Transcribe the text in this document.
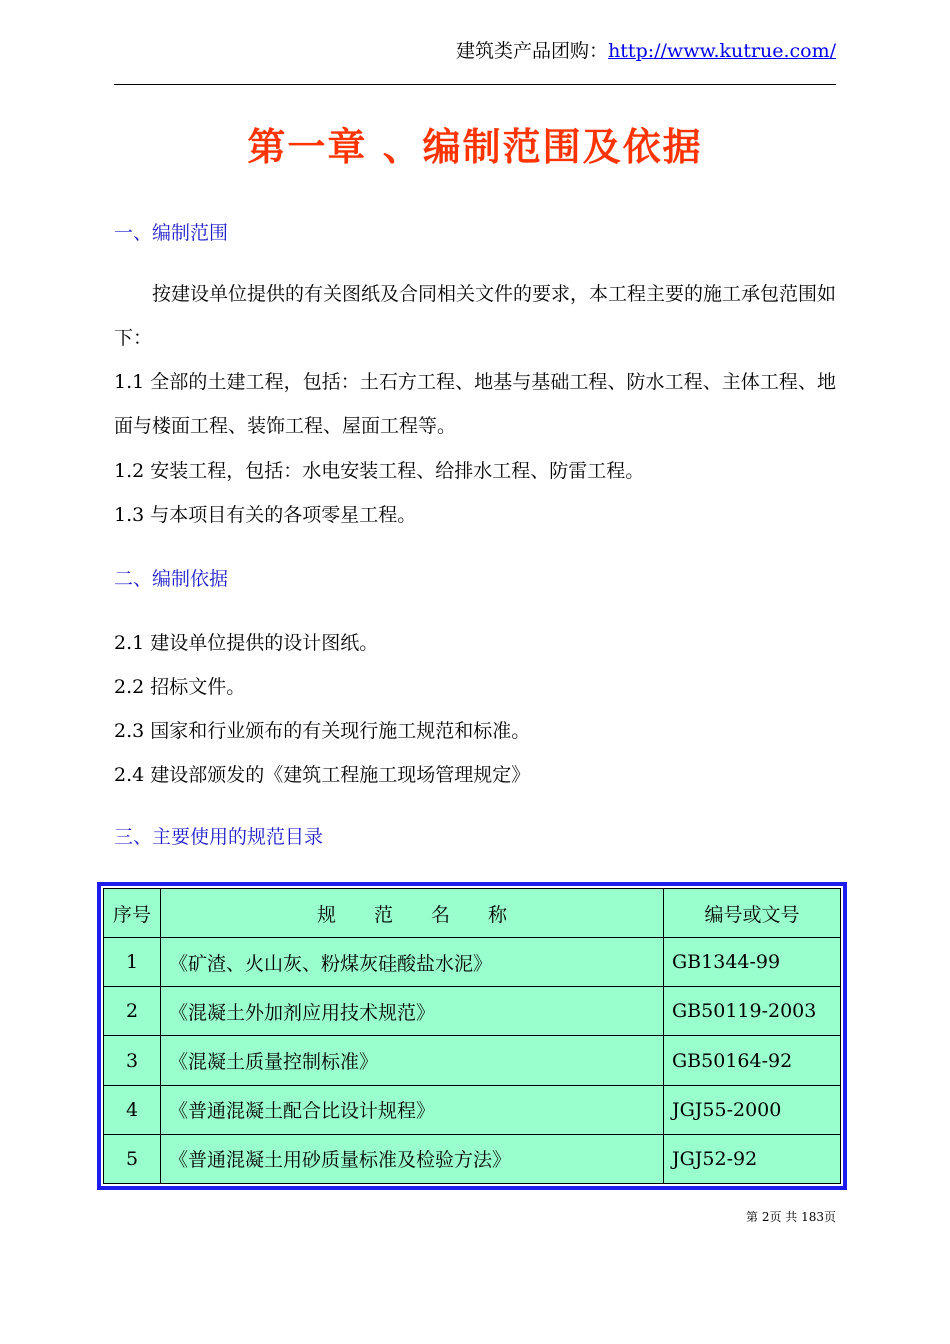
建筑类产品团购：http://www.kutrue.com/
第一章 、编制范围及依据
一、编制范围
按建设单位提供的有关图纸及合同相关文件的要求，本工程主要的施工承包范围如下：
1.1 全部的土建工程，包括：土石方工程、地基与基础工程、防水工程、主体工程、地面与楼面工程、装饰工程、屋面工程等。
1.2 安装工程，包括：水电安装工程、给排水工程、防雷工程。
1.3 与本项目有关的各项零星工程。
二、编制依据
2.1 建设单位提供的设计图纸。
2.2 招标文件。
2.3 国家和行业颁布的有关现行施工规范和标准。
2.4 建设部颁发的《建筑工程施工现场管理规定》
三、主要使用的规范目录
序号	规　　范　　名　　称	编号或文号
1	《矿渣、火山灰、粉煤灰硅酸盐水泥》	GB1344-99
2	《混凝土外加剂应用技术规范》	GB50119-2003
3	《混凝土质量控制标准》	GB50164-92
4	《普通混凝土配合比设计规程》	JGJ55-2000
5	《普通混凝土用砂质量标准及检验方法》	JGJ52-92
第 2页 共 183页
